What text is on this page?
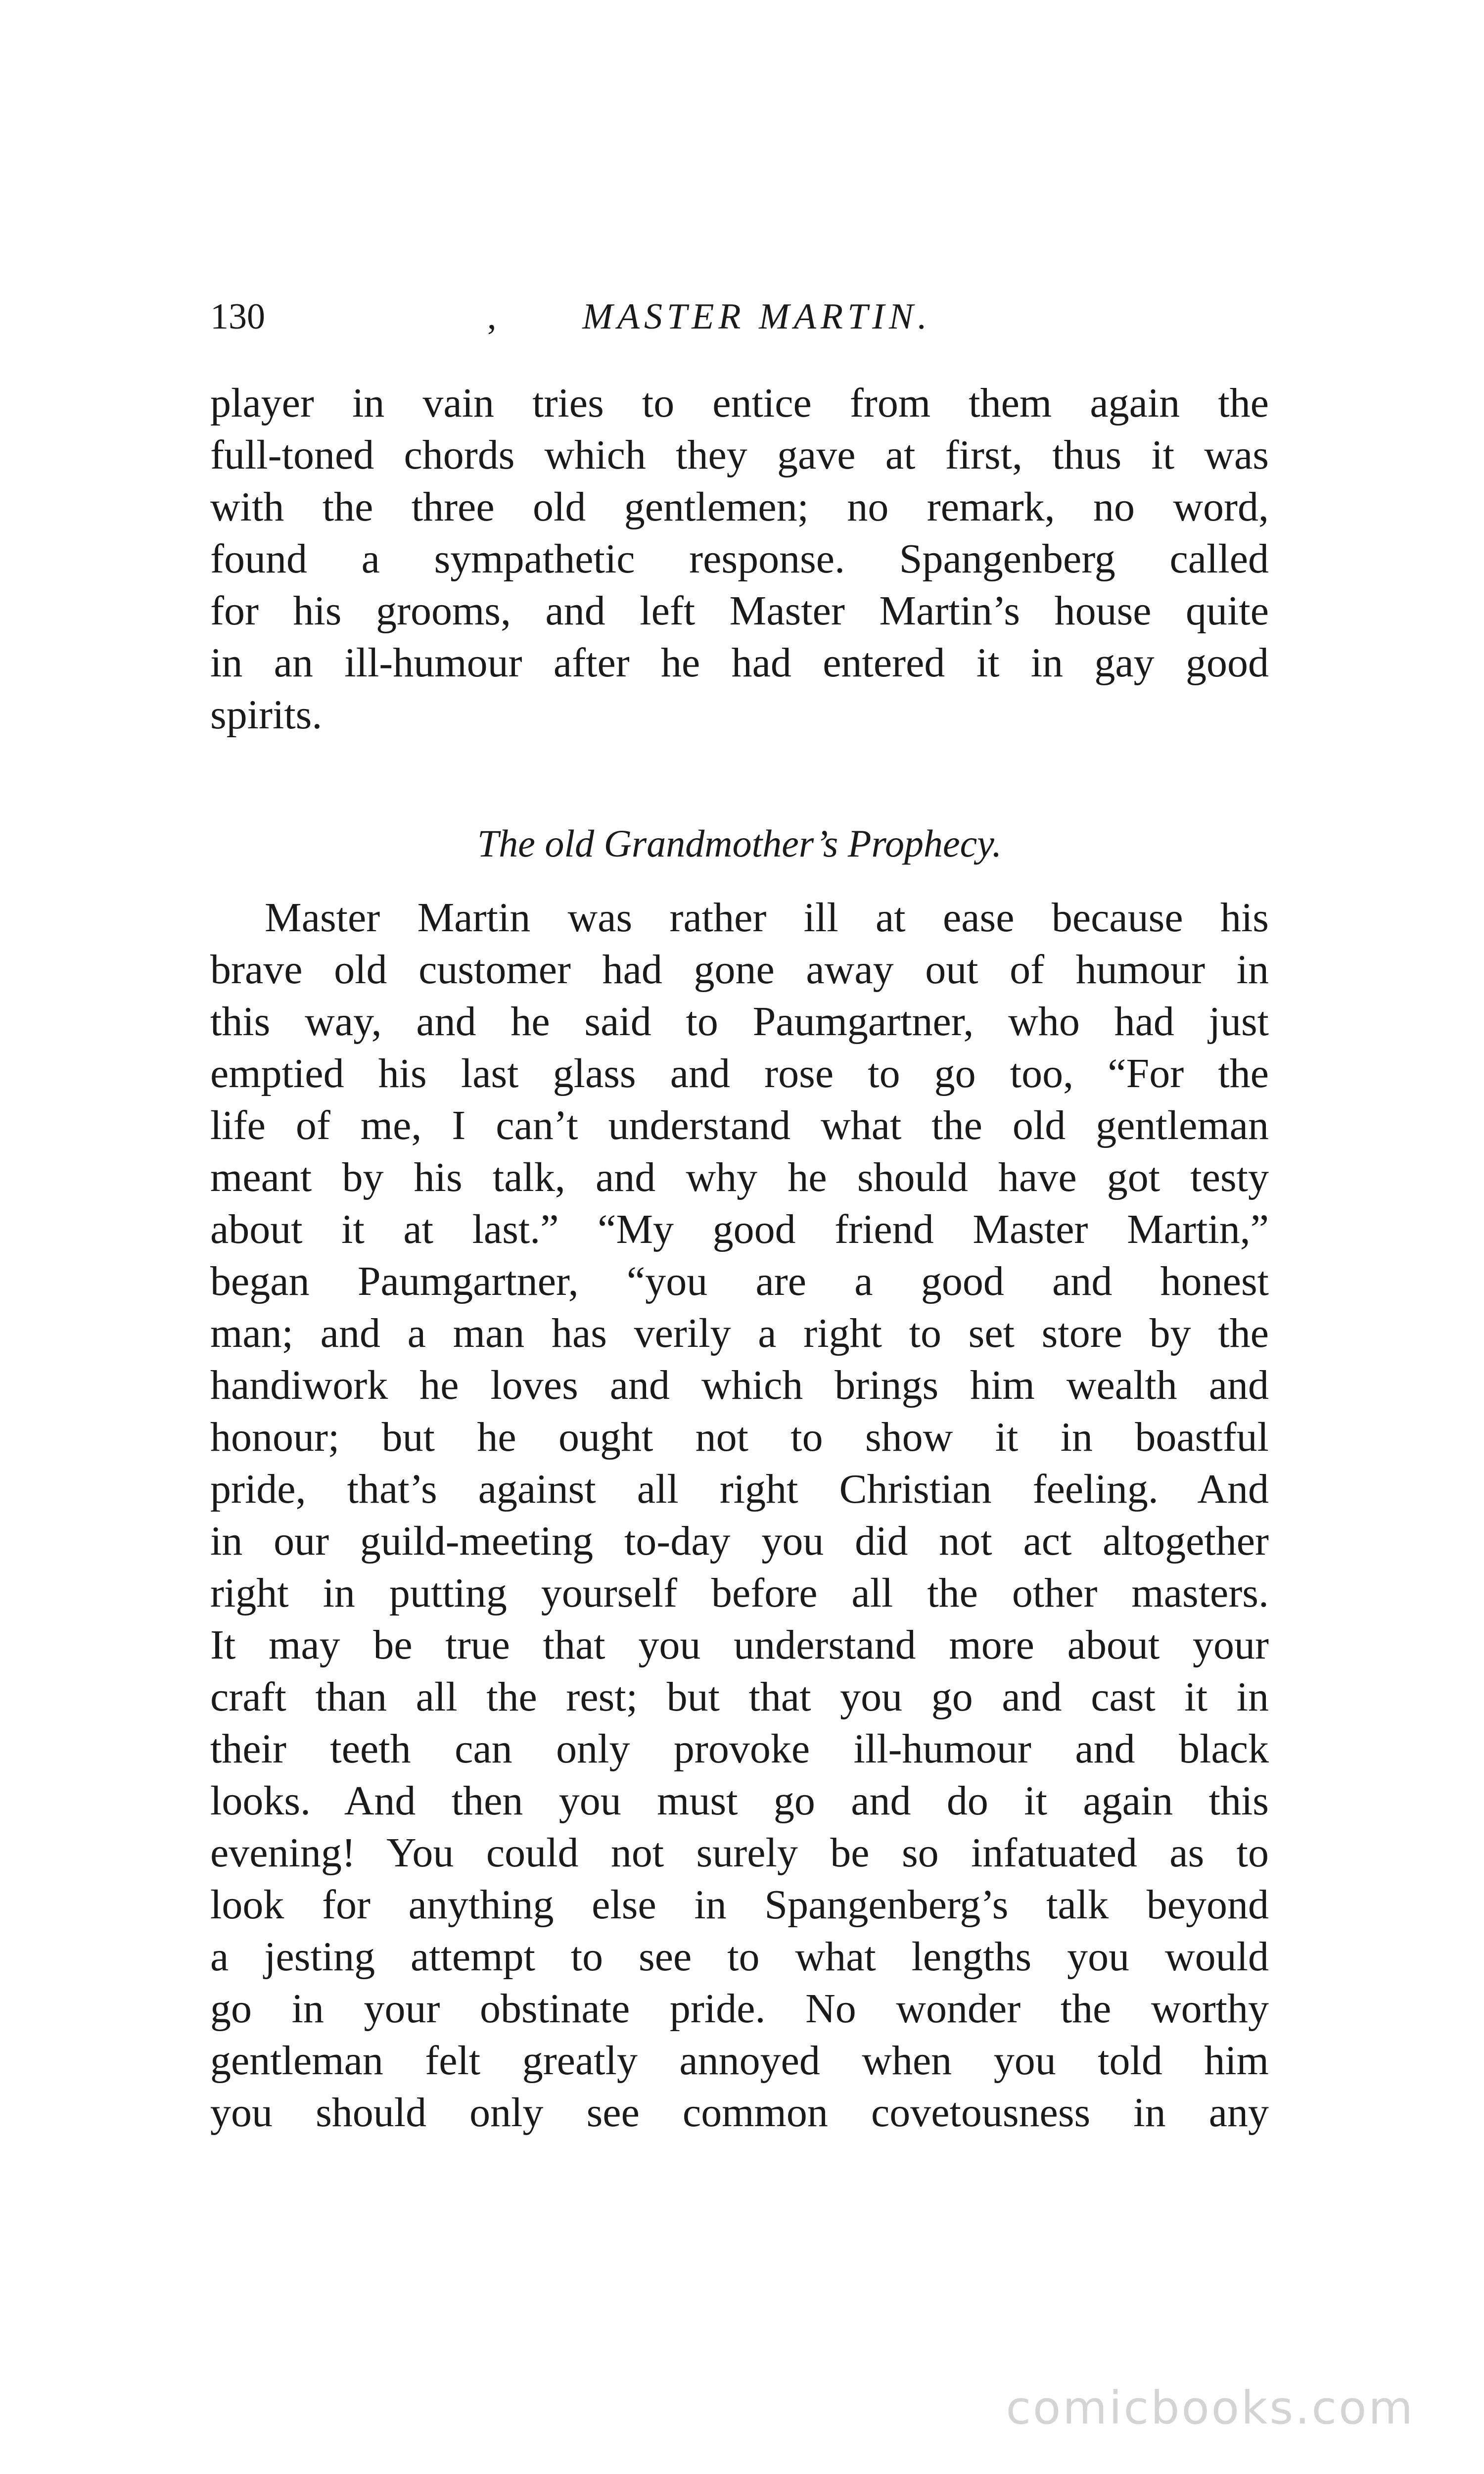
130	,	MASTER MARTIN.
player in vain tries to entice from them again the
full-toned chords which they gave at first, thus it was
with the three old gentlemen; no remark, no word,
found a sympathetic response. Spangenberg called
for his grooms, and left Master Martin’s house quite
in an ill-humour after he had entered it in gay good
spirits.
The old Grandmother’s Prophecy.
Master Martin was rather ill at ease because his
brave old customer had gone away out of humour in
this way, and he said to Paumgartner, who had just
emptied his last glass and rose to go too, “For the
life of me, I can’t understand what the old gentleman
meant by his talk, and why he should have got testy
about it at last.” “My good friend Master Martin,”
began Paumgartner, “you are a good and honest
man; and a man has verily a right to set store by the
handiwork he loves and which brings him wealth and
honour; but he ought not to show it in boastful
pride, that’s against all right Christian feeling. And
in our guild-meeting to-day you did not act altogether
right in putting yourself before all the other masters.
It may be true that you understand more about your
craft than all the rest; but that you go and cast it in
their teeth can only provoke ill-humour and black
looks. And then you must go and do it again this
evening! You could not surely be so infatuated as to
look for anything else in Spangenberg’s talk beyond
a jesting attempt to see to what lengths you would
go in your obstinate pride. No wonder the worthy
gentleman felt greatly annoyed when you told him
you should only see common covetousness in any
comicbooks.com
